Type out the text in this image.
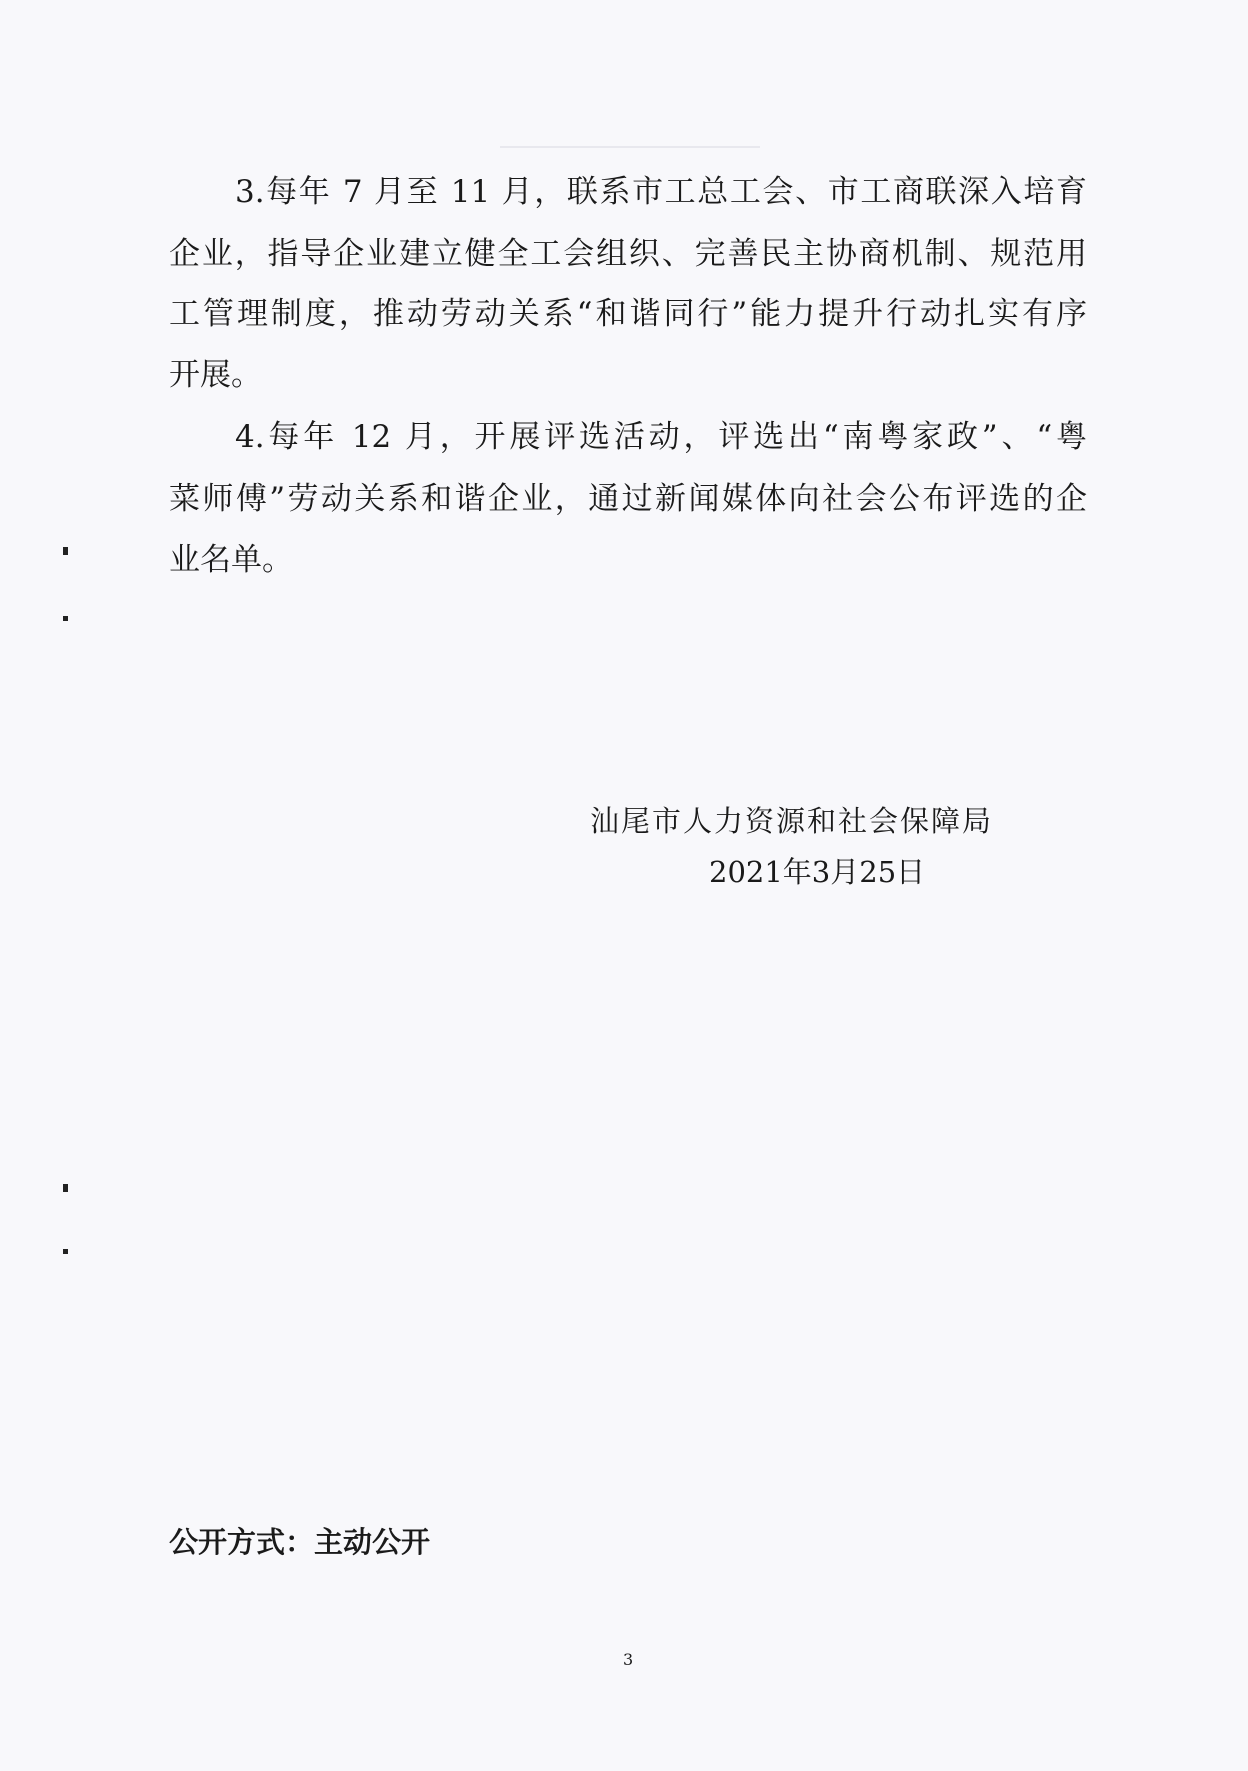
3.每年 7 月至 11 月，联系市工总工会、市工商联深入培育
企业，指导企业建立健全工会组织、完善民主协商机制、规范用
工管理制度，推动劳动关系“和谐同行”能力提升行动扎实有序
开展。
4.每年 12 月，开展评选活动，评选出“南粤家政”、“粤
菜师傅”劳动关系和谐企业，通过新闻媒体向社会公布评选的企
业名单。
汕尾市人力资源和社会保障局
2021年3月25日
公开方式：主动公开
3
